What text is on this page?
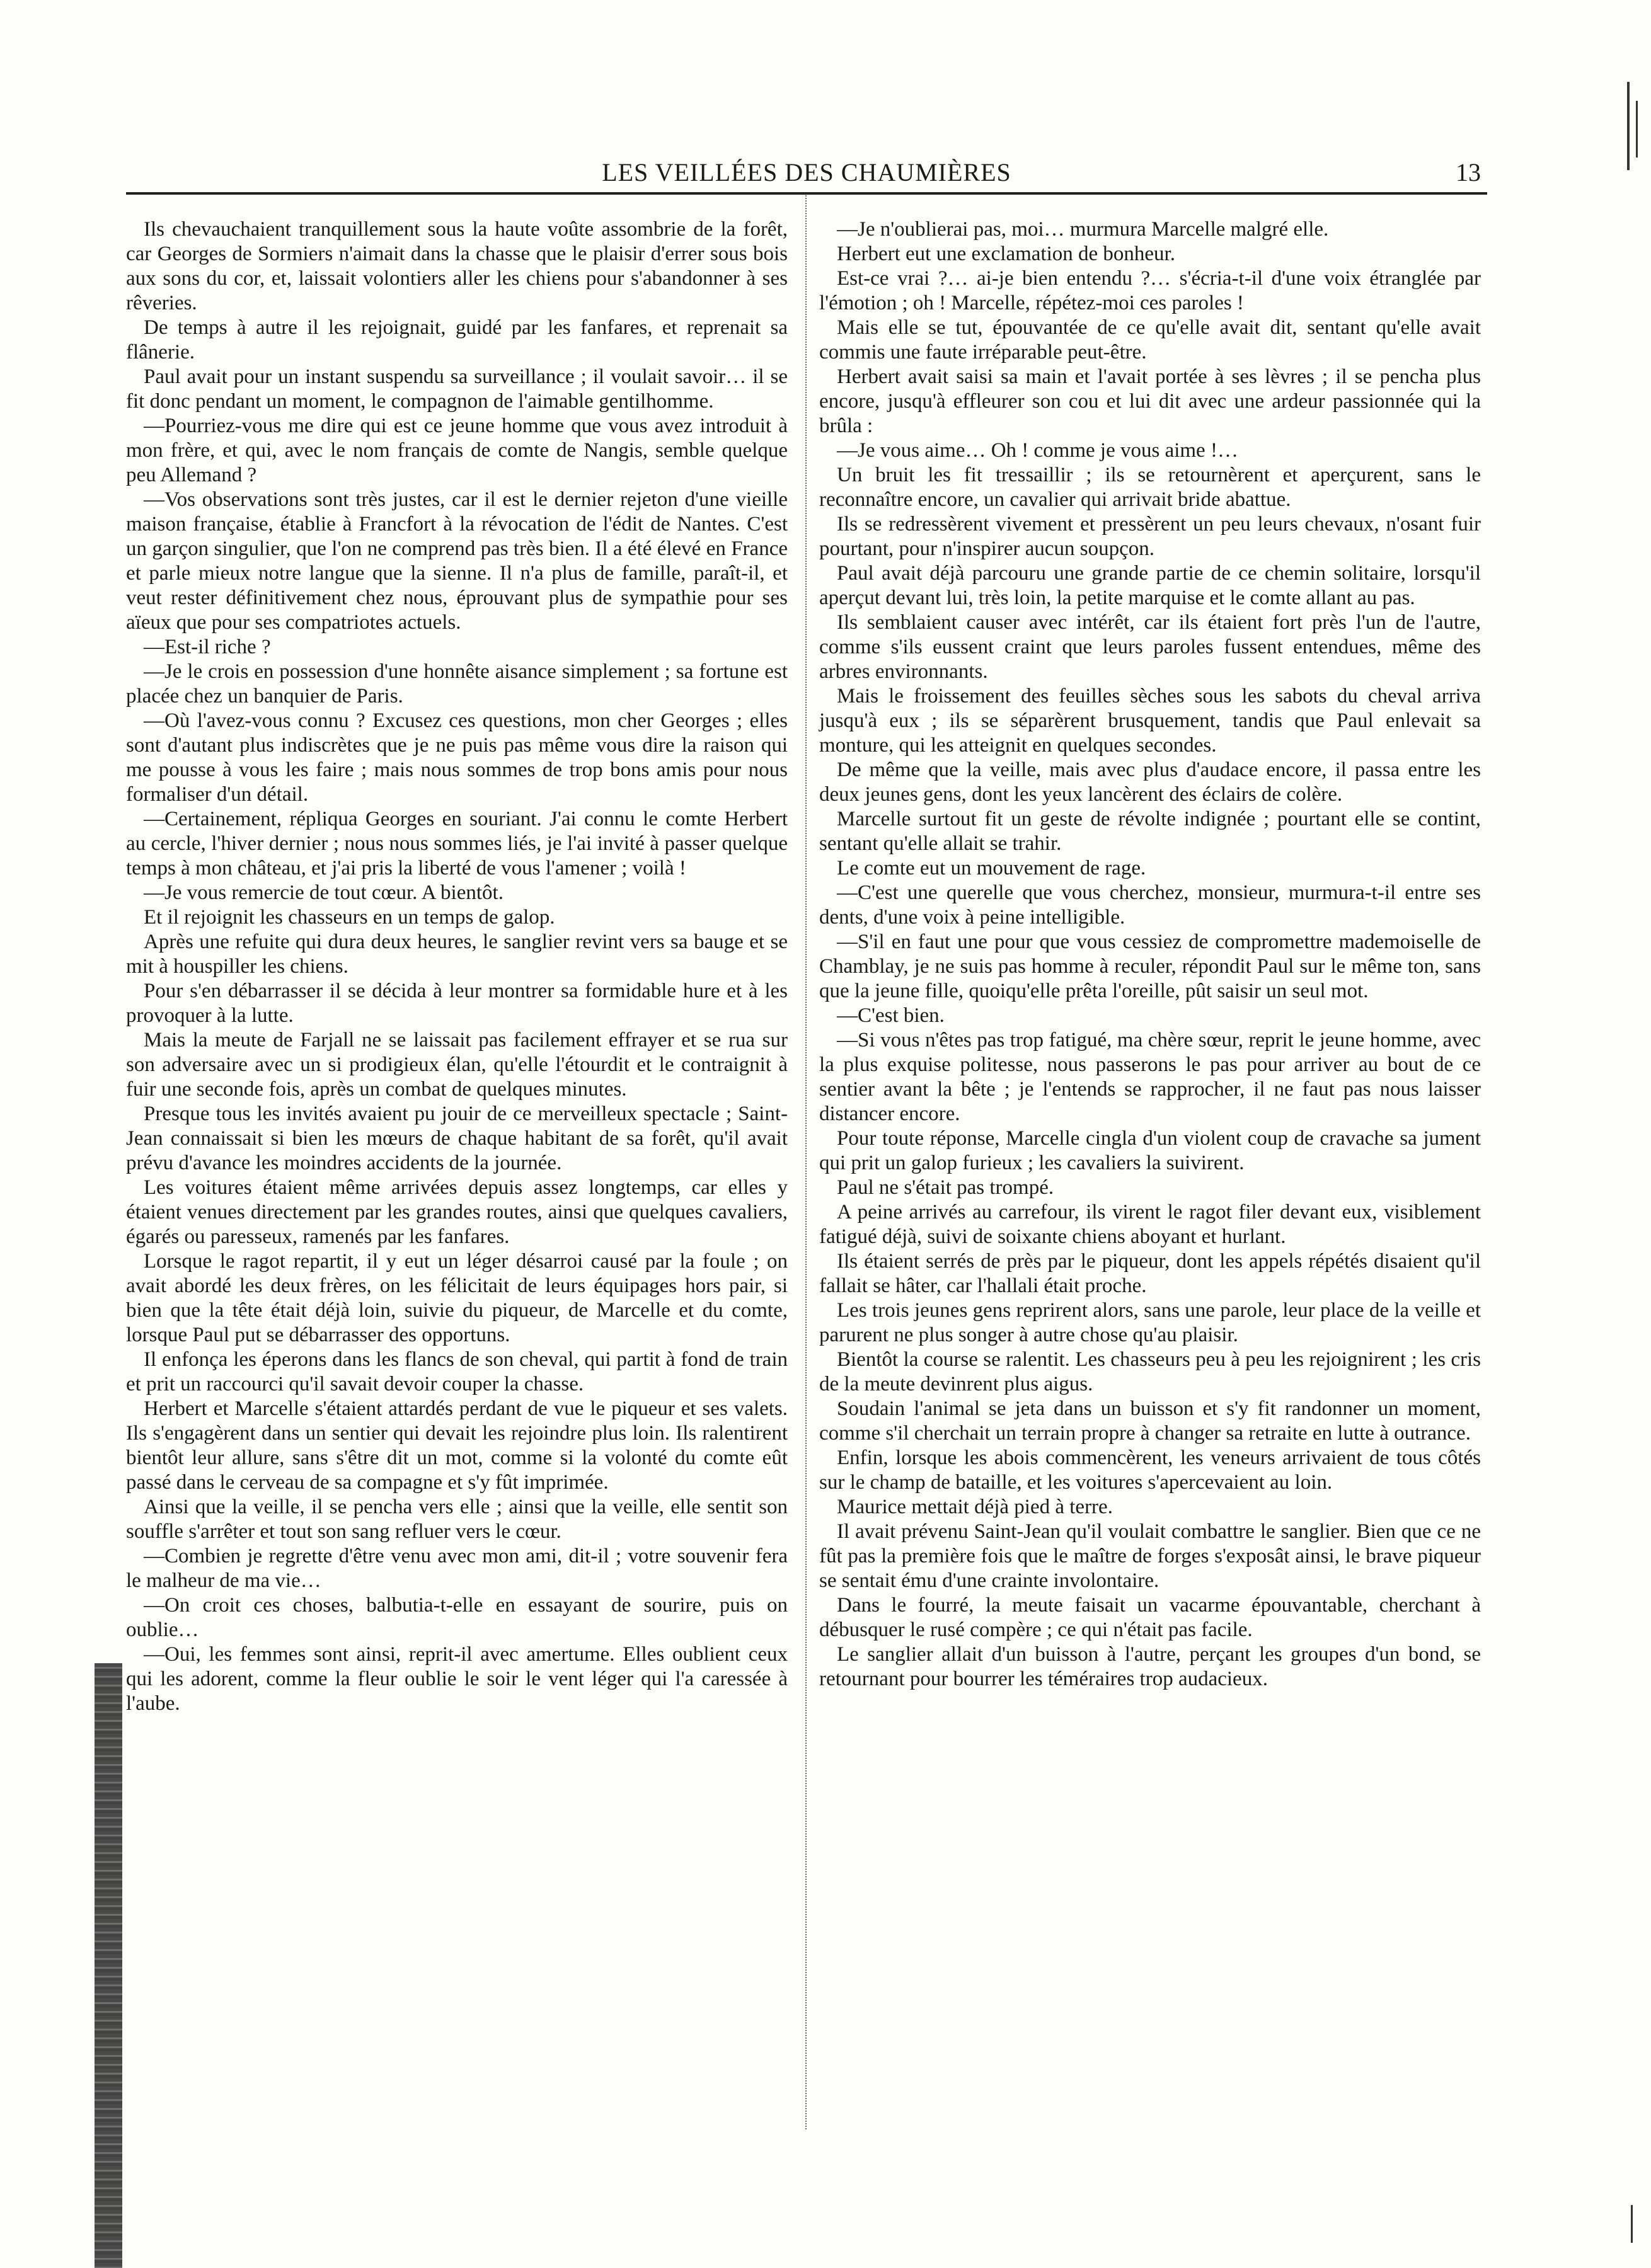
LES VEILLÉES DES CHAUMIÈRES	13

Ils chevauchaient tranquillement sous la haute voûte assombrie de la forêt, car Georges de Sormiers n'aimait dans la chasse que le plaisir d'errer sous bois aux sons du cor, et, laissait volontiers aller les chiens pour s'abandonner à ses rêveries.

De temps à autre il les rejoignait, guidé par les fanfares, et reprenait sa flânerie.

Paul avait pour un instant suspendu sa surveillance ; il voulait savoir… il se fit donc pendant un moment, le compagnon de l'aimable gentilhomme.

—Pourriez-vous me dire qui est ce jeune homme que vous avez introduit à mon frère, et qui, avec le nom français de comte de Nangis, semble quelque peu Allemand ?

—Vos observations sont très justes, car il est le dernier rejeton d'une vieille maison française, établie à Francfort à la révocation de l'édit de Nantes. C'est un garçon singulier, que l'on ne comprend pas très bien. Il a été élevé en France et parle mieux notre langue que la sienne. Il n'a plus de famille, paraît-il, et veut rester définitivement chez nous, éprouvant plus de sympathie pour ses aïeux que pour ses compatriotes actuels.

—Est-il riche ?

—Je le crois en possession d'une honnête aisance simplement ; sa fortune est placée chez un banquier de Paris.

—Où l'avez-vous connu ? Excusez ces questions, mon cher Georges ; elles sont d'autant plus indiscrètes que je ne puis pas même vous dire la raison qui me pousse à vous les faire ; mais nous sommes de trop bons amis pour nous formaliser d'un détail.

—Certainement, répliqua Georges en souriant. J'ai connu le comte Herbert au cercle, l'hiver dernier ; nous nous sommes liés, je l'ai invité à passer quelque temps à mon château, et j'ai pris la liberté de vous l'amener ; voilà !

—Je vous remercie de tout cœur. A bientôt.

Et il rejoignit les chasseurs en un temps de galop.

Après une refuite qui dura deux heures, le sanglier revint vers sa bauge et se mit à houspiller les chiens.

Pour s'en débarrasser il se décida à leur montrer sa formidable hure et à les provoquer à la lutte.

Mais la meute de Farjall ne se laissait pas facilement effrayer et se rua sur son adversaire avec un si prodigieux élan, qu'elle l'étourdit et le contraignit à fuir une seconde fois, après un combat de quelques minutes.

Presque tous les invités avaient pu jouir de ce merveilleux spectacle ; Saint-Jean connaissait si bien les mœurs de chaque habitant de sa forêt, qu'il avait prévu d'avance les moindres accidents de la journée.

Les voitures étaient même arrivées depuis assez longtemps, car elles y étaient venues directement par les grandes routes, ainsi que quelques cavaliers, égarés ou paresseux, ramenés par les fanfares.

Lorsque le ragot repartit, il y eut un léger désarroi causé par la foule ; on avait abordé les deux frères, on les félicitait de leurs équipages hors pair, si bien que la tête était déjà loin, suivie du piqueur, de Marcelle et du comte, lorsque Paul put se débarrasser des opportuns.

Il enfonça les éperons dans les flancs de son cheval, qui partit à fond de train et prit un raccourci qu'il savait devoir couper la chasse.

Herbert et Marcelle s'étaient attardés perdant de vue le piqueur et ses valets. Ils s'engagèrent dans un sentier qui devait les rejoindre plus loin. Ils ralentirent bientôt leur allure, sans s'être dit un mot, comme si la volonté du comte eût passé dans le cerveau de sa compagne et s'y fût imprimée.

Ainsi que la veille, il se pencha vers elle ; ainsi que la veille, elle sentit son souffle s'arrêter et tout son sang refluer vers le cœur.

—Combien je regrette d'être venu avec mon ami, dit-il ; votre souvenir fera le malheur de ma vie…

—On croit ces choses, balbutia-t-elle en essayant de sourire, puis on oublie…

—Oui, les femmes sont ainsi, reprit-il avec amertume. Elles oublient ceux qui les adorent, comme la fleur oublie le soir le vent léger qui l'a caressée à l'aube.

—Je n'oublierai pas, moi… murmura Marcelle malgré elle.

Herbert eut une exclamation de bonheur.

Est-ce vrai ?… ai-je bien entendu ?… s'écria-t-il d'une voix étranglée par l'émotion ; oh ! Marcelle, répétez-moi ces paroles !

Mais elle se tut, épouvantée de ce qu'elle avait dit, sentant qu'elle avait commis une faute irréparable peut-être.

Herbert avait saisi sa main et l'avait portée à ses lèvres ; il se pencha plus encore, jusqu'à effleurer son cou et lui dit avec une ardeur passionnée qui la brûla :

—Je vous aime… Oh ! comme je vous aime !…

Un bruit les fit tressaillir ; ils se retournèrent et aperçurent, sans le reconnaître encore, un cavalier qui arrivait bride abattue.

Ils se redressèrent vivement et pressèrent un peu leurs chevaux, n'osant fuir pourtant, pour n'inspirer aucun soupçon.

Paul avait déjà parcouru une grande partie de ce chemin solitaire, lorsqu'il aperçut devant lui, très loin, la petite marquise et le comte allant au pas.

Ils semblaient causer avec intérêt, car ils étaient fort près l'un de l'autre, comme s'ils eussent craint que leurs paroles fussent entendues, même des arbres environnants.

Mais le froissement des feuilles sèches sous les sabots du cheval arriva jusqu'à eux ; ils se séparèrent brusquement, tandis que Paul enlevait sa monture, qui les atteignit en quelques secondes.

De même que la veille, mais avec plus d'audace encore, il passa entre les deux jeunes gens, dont les yeux lancèrent des éclairs de colère.

Marcelle surtout fit un geste de révolte indignée ; pourtant elle se contint, sentant qu'elle allait se trahir.

Le comte eut un mouvement de rage.

—C'est une querelle que vous cherchez, monsieur, murmura-t-il entre ses dents, d'une voix à peine intelligible.

—S'il en faut une pour que vous cessiez de compromettre mademoiselle de Chamblay, je ne suis pas homme à reculer, répondit Paul sur le même ton, sans que la jeune fille, quoiqu'elle prêta l'oreille, pût saisir un seul mot.

—C'est bien.

—Si vous n'êtes pas trop fatigué, ma chère sœur, reprit le jeune homme, avec la plus exquise politesse, nous passerons le pas pour arriver au bout de ce sentier avant la bête ; je l'entends se rapprocher, il ne faut pas nous laisser distancer encore.

Pour toute réponse, Marcelle cingla d'un violent coup de cravache sa jument qui prit un galop furieux ; les cavaliers la suivirent.

Paul ne s'était pas trompé.

A peine arrivés au carrefour, ils virent le ragot filer devant eux, visiblement fatigué déjà, suivi de soixante chiens aboyant et hurlant.

Ils étaient serrés de près par le piqueur, dont les appels répétés disaient qu'il fallait se hâter, car l'hallali était proche.

Les trois jeunes gens reprirent alors, sans une parole, leur place de la veille et parurent ne plus songer à autre chose qu'au plaisir.

Bientôt la course se ralentit. Les chasseurs peu à peu les rejoignirent ; les cris de la meute devinrent plus aigus.

Soudain l'animal se jeta dans un buisson et s'y fit randonner un moment, comme s'il cherchait un terrain propre à changer sa retraite en lutte à outrance.

Enfin, lorsque les abois commencèrent, les veneurs arrivaient de tous côtés sur le champ de bataille, et les voitures s'apercevaient au loin.

Maurice mettait déjà pied à terre.

Il avait prévenu Saint-Jean qu'il voulait combattre le sanglier. Bien que ce ne fût pas la première fois que le maître de forges s'exposât ainsi, le brave piqueur se sentait ému d'une crainte involontaire.

Dans le fourré, la meute faisait un vacarme épouvantable, cherchant à débusquer le rusé compère ; ce qui n'était pas facile.

Le sanglier allait d'un buisson à l'autre, perçant les groupes d'un bond, se retournant pour bourrer les téméraires trop audacieux.
